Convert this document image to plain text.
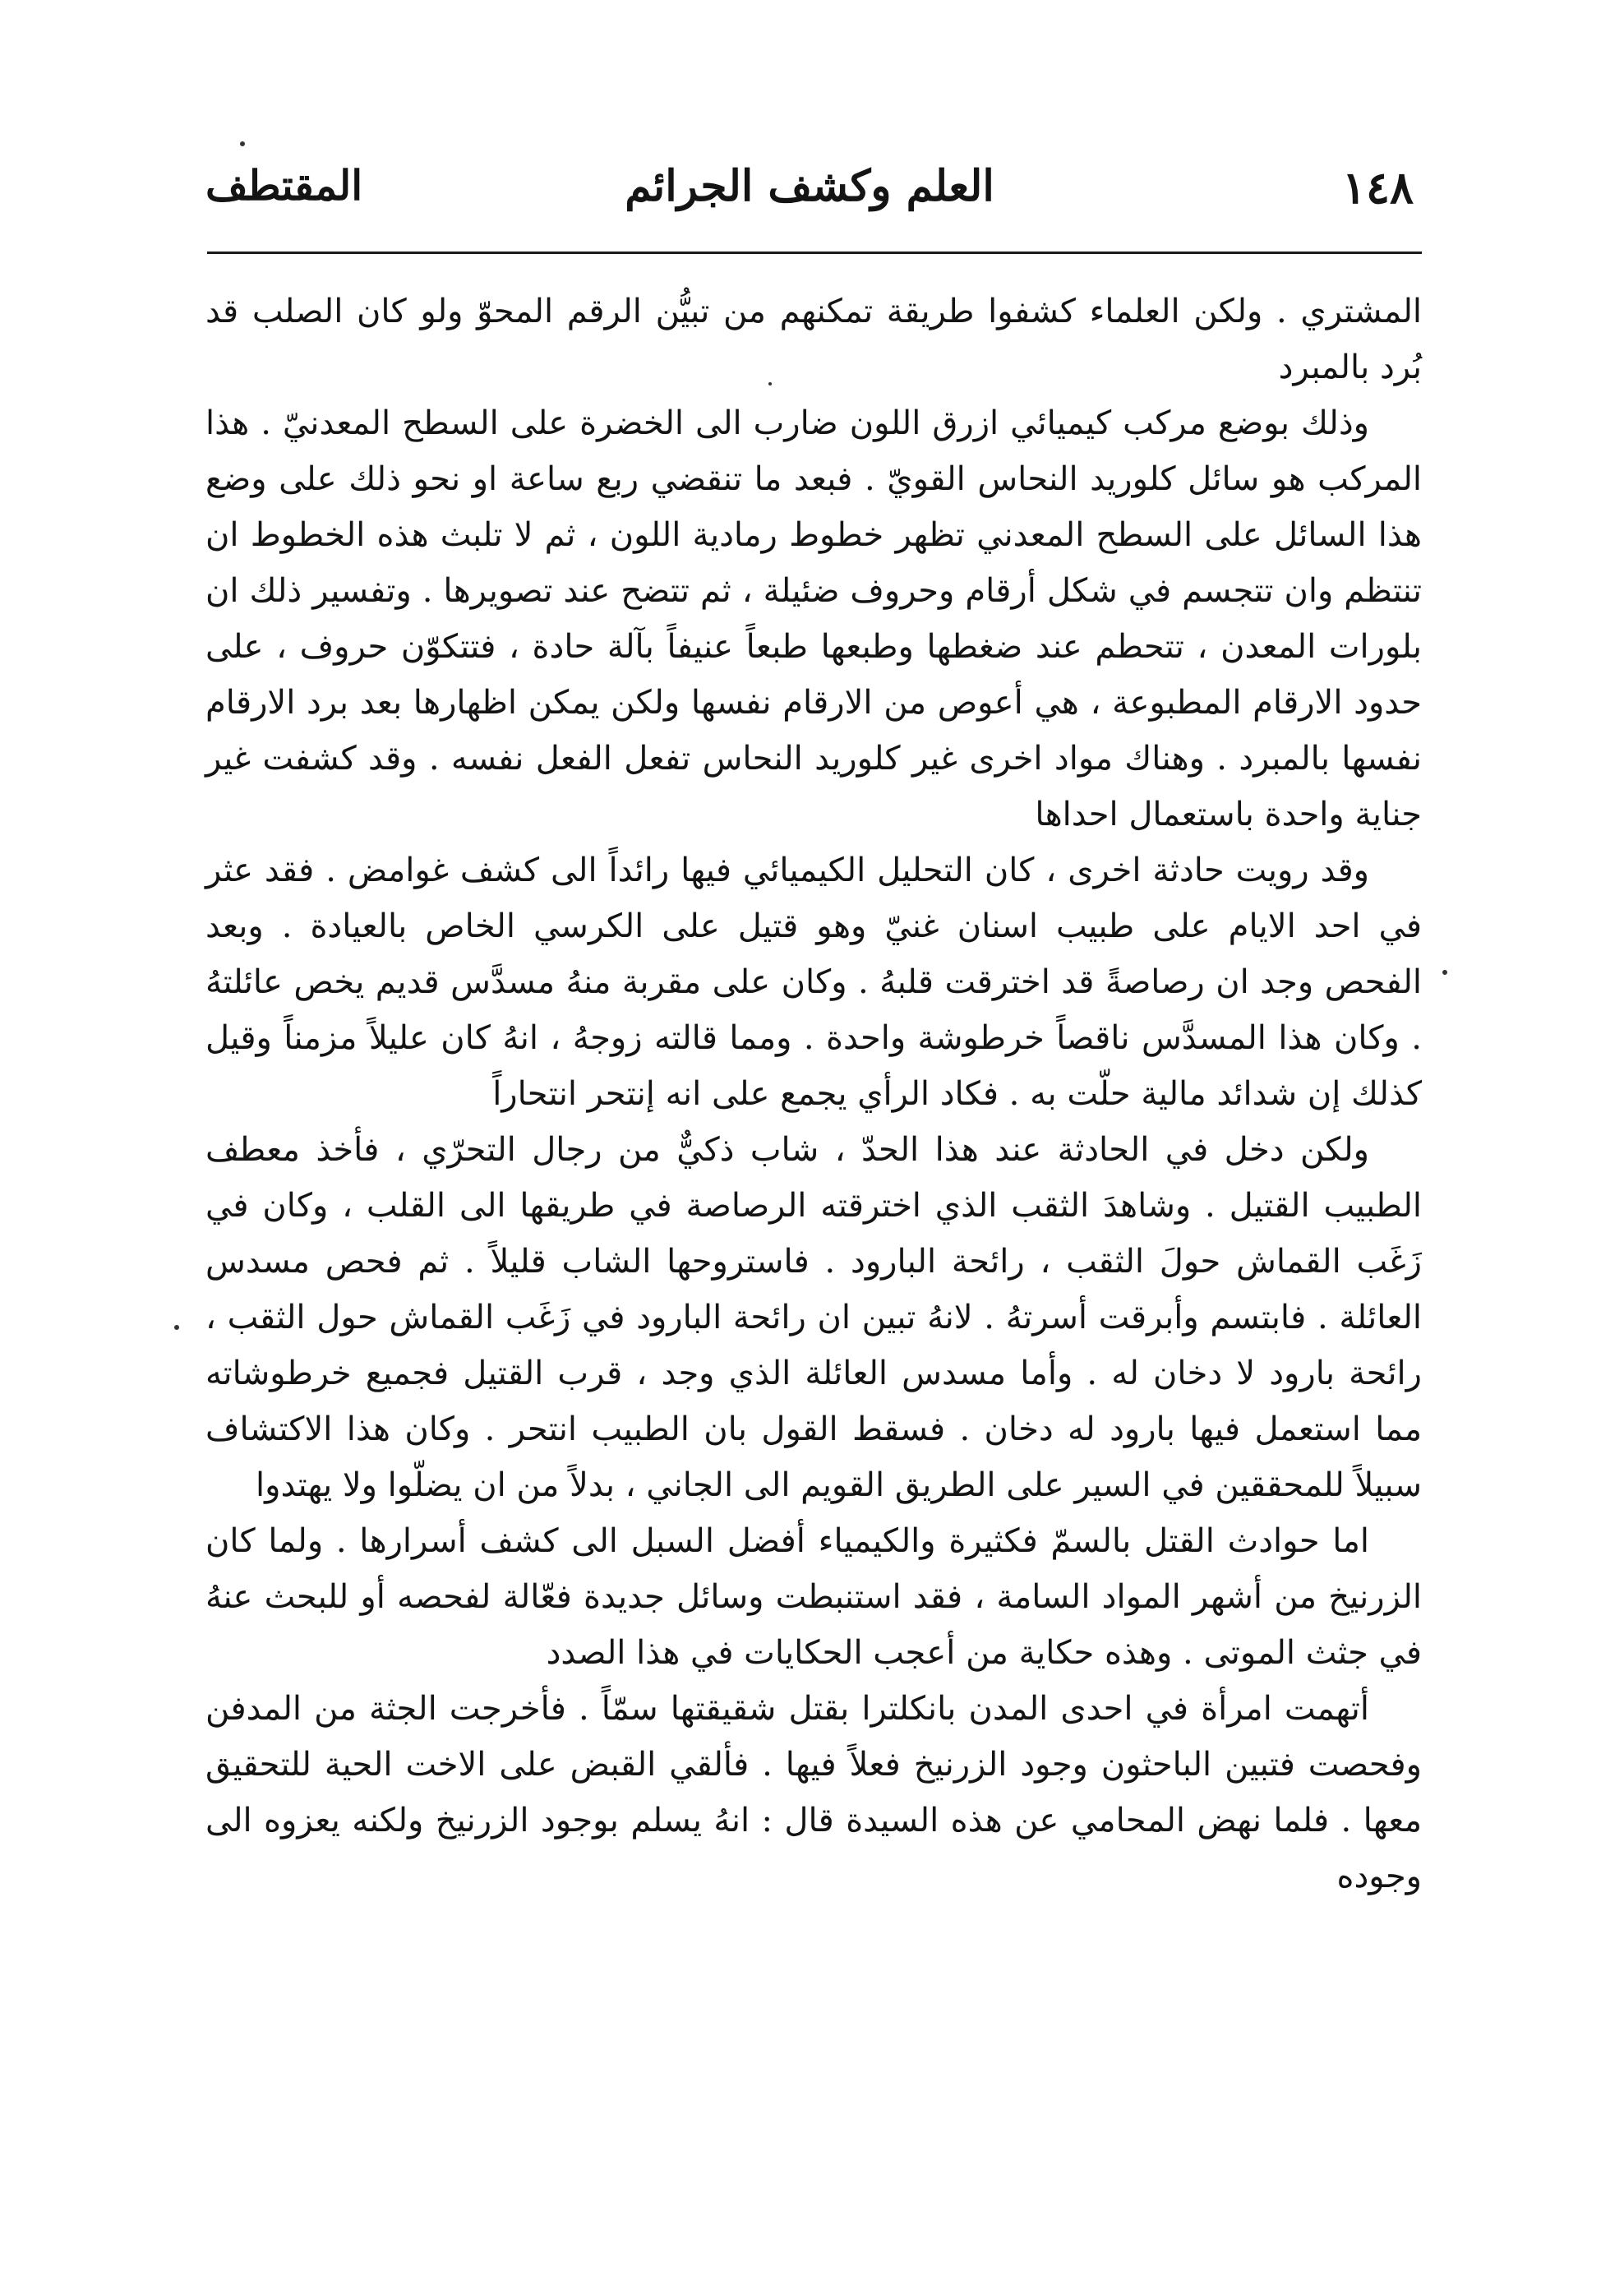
١٤٨
العلم وكشف الجرائم
المقتطف

المشتري . ولكن العلماء كشفوا طريقة تمكنهم من تبيُّن الرقم المحوّ ولو كان الصلب قد بُرد بالمبرد

وذلك بوضع مركب كيميائي ازرق اللون ضارب الى الخضرة على السطح المعدنيّ . هذا المركب هو سائل كلوريد النحاس القويّ . فبعد ما تنقضي ربع ساعة او نحو ذلك على وضع هذا السائل على السطح المعدني تظهر خطوط رمادية اللون ، ثم لا تلبث هذه الخطوط ان تنتظم وان تتجسم في شكل أرقام وحروف ضئيلة ، ثم تتضح عند تصويرها . وتفسير ذلك ان بلورات المعدن ، تتحطم عند ضغطها وطبعها طبعاً عنيفاً بآلة حادة ، فتتكوّن حروف ، على حدود الارقام المطبوعة ، هي أعوص من الارقام نفسها ولكن يمكن اظهارها بعد برد الارقام نفسها بالمبرد . وهناك مواد اخرى غير كلوريد النحاس تفعل الفعل نفسه . وقد كشفت غير جناية واحدة باستعمال احداها

وقد رويت حادثة اخرى ، كان التحليل الكيميائي فيها رائداً الى كشف غوامض . فقد عثر في احد الايام على طبيب اسنان غنيّ وهو قتيل على الكرسي الخاص بالعيادة . وبعد الفحص وجد ان رصاصةً قد اخترقت قلبهُ . وكان على مقربة منهُ مسدَّس قديم يخص عائلتهُ . وكان هذا المسدَّس ناقصاً خرطوشة واحدة . ومما قالته زوجهُ ، انهُ كان عليلاً مزمناً وقيل كذلك إن شدائد مالية حلّت به . فكاد الرأي يجمع على انه إنتحر انتحاراً

ولكن دخل في الحادثة عند هذا الحدّ ، شاب ذكيٌّ من رجال التحرّي ، فأخذ معطف الطبيب القتيل . وشاهدَ الثقب الذي اخترقته الرصاصة في طريقها الى القلب ، وكان في زَغَب القماش حولَ الثقب ، رائحة البارود . فاستروحها الشاب قليلاً . ثم فحص مسدس العائلة . فابتسم وأبرقت أسرتهُ . لانهُ تبين ان رائحة البارود في زَغَب القماش حول الثقب ، رائحة بارود لا دخان له . وأما مسدس العائلة الذي وجد ، قرب القتيل فجميع خرطوشاته مما استعمل فيها بارود له دخان . فسقط القول بان الطبيب انتحر . وكان هذا الاكتشاف سبيلاً للمحققين في السير على الطريق القويم الى الجاني ، بدلاً من ان يضلّوا ولا يهتدوا

اما حوادث القتل بالسمّ فكثيرة والكيمياء أفضل السبل الى كشف أسرارها . ولما كان الزرنيخ من أشهر المواد السامة ، فقد استنبطت وسائل جديدة فعّالة لفحصه أو للبحث عنهُ في جثث الموتى . وهذه حكاية من أعجب الحكايات في هذا الصدد

أتهمت امرأة في احدى المدن بانكلترا بقتل شقيقتها سمّاً . فأخرجت الجثة من المدفن وفحصت فتبين الباحثون وجود الزرنيخ فعلاً فيها . فألقي القبض على الاخت الحية للتحقيق معها . فلما نهض المحامي عن هذه السيدة قال : انهُ يسلم بوجود الزرنيخ ولكنه يعزوه الى وجوده
